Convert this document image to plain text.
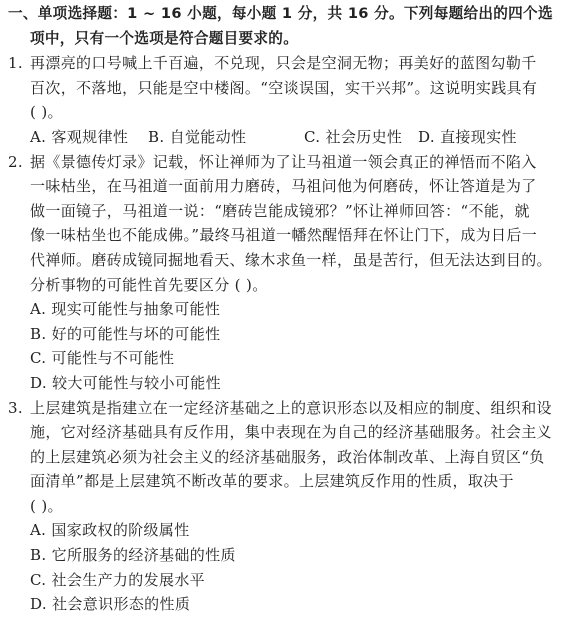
一、单项选择题：1 ~ 16 小题，每小题 1 分，共 16 分。下列每题给出的四个选
项中，只有一个选项是符合题目要求的。
1. 再漂亮的口号喊上千百遍，不兑现，只会是空洞无物；再美好的蓝图勾勒千
百次，不落地，只能是空中楼阁。“空谈误国，实干兴邦”。这说明实践具有
( )。
A. 客观规律性	B. 自觉能动性	C. 社会历史性	D. 直接现实性
2. 据《景德传灯录》记载，怀让禅师为了让马祖道一领会真正的禅悟而不陷入
一味枯坐，在马祖道一面前用力磨砖，马祖问他为何磨砖，怀让答道是为了
做一面镜子，马祖道一说：“磨砖岂能成镜邪？”怀让禅师回答：“不能，就
像一味枯坐也不能成佛。”最终马祖道一幡然醒悟拜在怀让门下，成为日后一
代禅师。磨砖成镜同掘地看天、缘木求鱼一样，虽是苦行，但无法达到目的。
分析事物的可能性首先要区分 ( )。
A. 现实可能性与抽象可能性
B. 好的可能性与坏的可能性
C. 可能性与不可能性
D. 较大可能性与较小可能性
3. 上层建筑是指建立在一定经济基础之上的意识形态以及相应的制度、组织和设
施，它对经济基础具有反作用，集中表现在为自己的经济基础服务。社会主义
的上层建筑必须为社会主义的经济基础服务，政治体制改革、上海自贸区“负
面清单”都是上层建筑不断改革的要求。上层建筑反作用的性质，取决于
( )。
A. 国家政权的阶级属性
B. 它所服务的经济基础的性质
C. 社会生产力的发展水平
D. 社会意识形态的性质
